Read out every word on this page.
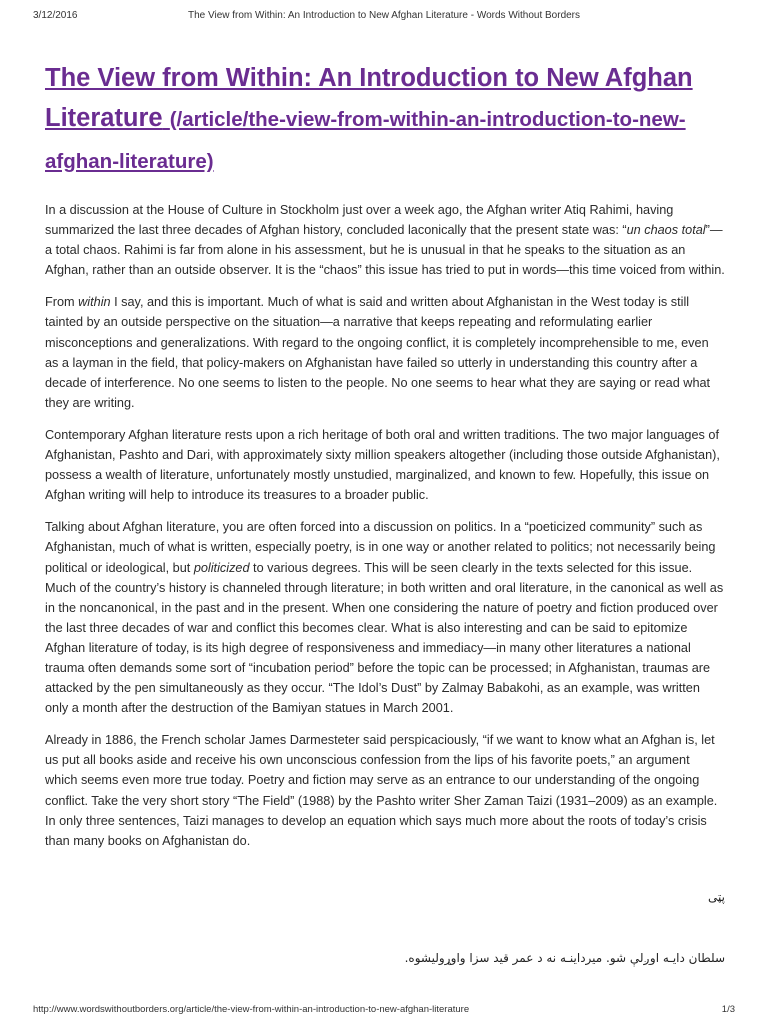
3/12/2016	The View from Within: An Introduction to New Afghan Literature - Words Without Borders
The View from Within: An Introduction to New Afghan Literature (/article/the-view-from-within-an-introduction-to-new-afghan-literature)

In a discussion at the House of Culture in Stockholm just over a week ago, the Afghan writer Atiq Rahimi, having summarized the last three decades of Afghan history, concluded laconically that the present state was: “un chaos total”—a total chaos. Rahimi is far from alone in his assessment, but he is unusual in that he speaks to the situation as an Afghan, rather than an outside observer. It is the “chaos” this issue has tried to put in words—this time voiced from within.

From within I say, and this is important. Much of what is said and written about Afghanistan in the West today is still tainted by an outside perspective on the situation—a narrative that keeps repeating and reformulating earlier misconceptions and generalizations. With regard to the ongoing conflict, it is completely incomprehensible to me, even as a layman in the field, that policy-makers on Afghanistan have failed so utterly in understanding this country after a decade of interference. No one seems to listen to the people. No one seems to hear what they are saying or read what they are writing.

Contemporary Afghan literature rests upon a rich heritage of both oral and written traditions. The two major languages of Afghanistan, Pashto and Dari, with approximately sixty million speakers altogether (including those outside Afghanistan), possess a wealth of literature, unfortunately mostly unstudied, marginalized, and known to few. Hopefully, this issue on Afghan writing will help to introduce its treasures to a broader public.

Talking about Afghan literature, you are often forced into a discussion on politics. In a “poeticized community” such as Afghanistan, much of what is written, especially poetry, is in one way or another related to politics; not necessarily being political or ideological, but politicized to various degrees. This will be seen clearly in the texts selected for this issue. Much of the country’s history is channeled through literature; in both written and oral literature, in the canonical as well as in the noncanonical, in the past and in the present. When one considering the nature of poetry and fiction produced over the last three decades of war and conflict this becomes clear. What is also interesting and can be said to epitomize Afghan literature of today, is its high degree of responsiveness and immediacy—in many other literatures a national trauma often demands some sort of “incubation period” before the topic can be processed; in Afghanistan, traumas are attacked by the pen simultaneously as they occur. “The Idol’s Dust” by Zalmay Babakohi, as an example, was written only a month after the destruction of the Bamiyan statues in March 2001.

Already in 1886, the French scholar James Darmesteter said perspicaciously, “if we want to know what an Afghan is, let us put all books aside and receive his own unconscious confession from the lips of his favorite poets,” an argument which seems even more true today. Poetry and fiction may serve as an entrance to our understanding of the ongoing conflict. Take the very short story “The Field” (1988) by the Pashto writer Sher Zaman Taizi (1931–2009) as an example. In only three sentences, Taizi manages to develop an equation which says much more about the roots of today’s crisis than many books on Afghanistan do.

پټی
سلطان دایـه اوږلې شو. میرداینـه نه د عمر قید سزا واوړولیشوه.
http://www.wordswithoutborders.org/article/the-view-from-within-an-introduction-to-new-afghan-literature	1/3
